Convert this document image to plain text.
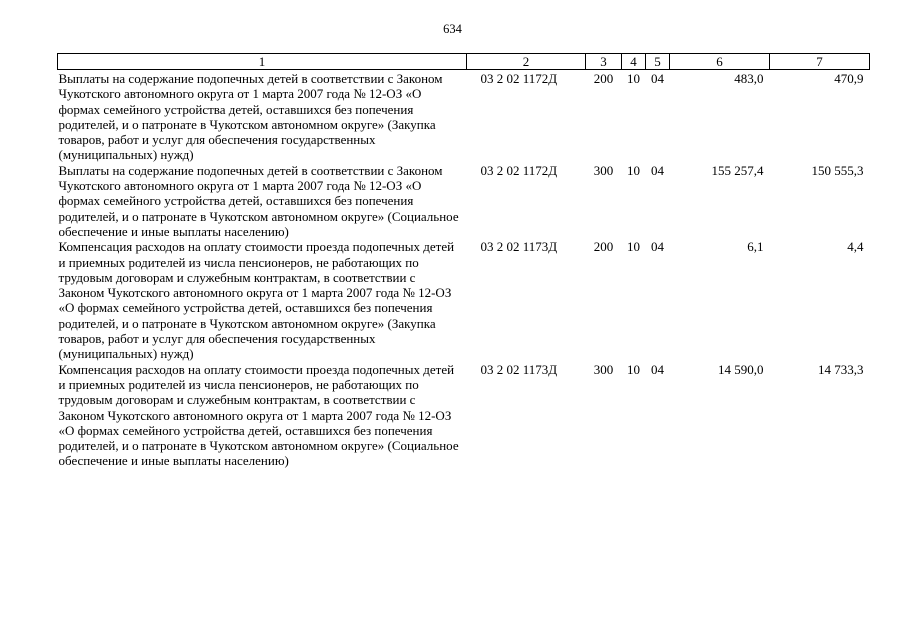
634
1	2	3	4	5	6	7

Выплаты на содержание подопечных детей в соответствии с Законом Чукотского автономного округа от 1 марта 2007 года № 12-ОЗ «О формах семейного устройства детей, оставшихся без попечения родителей, и о патронате в Чукотском автономном округе» (Закупка товаров, работ и услуг для обеспечения государственных (муниципальных) нужд)	03 2 02 1172Д	200	10	04	483,0	470,9
Выплаты на содержание подопечных детей в соответствии с Законом Чукотского автономного округа от 1 марта 2007 года № 12-ОЗ «О формах семейного устройства детей, оставшихся без попечения родителей, и о патронате в Чукотском автономном округе» (Социальное обеспечение и иные выплаты населению)	03 2 02 1172Д	300	10	04	155 257,4	150 555,3
Компенсация расходов на оплату стоимости проезда подопечных детей и приемных родителей из числа пенсионеров, не работающих по трудовым договорам и служебным контрактам, в соответствии с Законом Чукотского автономного округа от 1 марта 2007 года № 12-ОЗ «О формах семейного устройства детей, оставшихся без попечения родителей, и о патронате в Чукотском автономном округе» (Закупка товаров, работ и услуг для обеспечения государственных (муниципальных) нужд)	03 2 02 1173Д	200	10	04	6,1	4,4
Компенсация расходов на оплату стоимости проезда подопечных детей и приемных родителей из числа пенсионеров, не работающих по трудовым договорам и служебным контрактам, в соответствии с Законом Чукотского автономного округа от 1 марта 2007 года № 12-ОЗ «О формах семейного устройства детей, оставшихся без попечения родителей, и о патронате в Чукотском автономном округе» (Социальное обеспечение и иные выплаты населению)	03 2 02 1173Д	300	10	04	14 590,0	14 733,3
